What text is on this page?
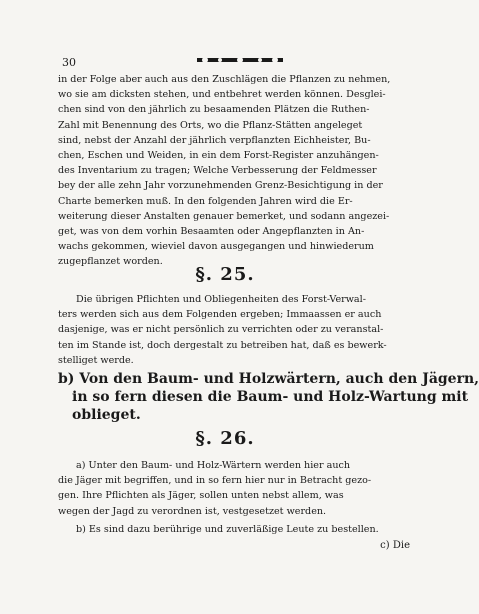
30
in der Folge aber auch aus den Zuschlägen die Pflanzen zu nehmen,
wo sie am dicksten stehen, und entbehret werden können. Desglei-
chen sind von den jährlich zu besaamenden Plätzen die Ruthen-
Zahl mit Benennung des Orts, wo die Pflanz-Stätten angeleget
sind, nebst der Anzahl der jährlich verpflanzten Eichheister, Bu-
chen, Eschen und Weiden, in ein dem Forst-Register anzuhängen-
des Inventarium zu tragen; Welche Verbesserung der Feldmesser
bey der alle zehn Jahr vorzunehmenden Grenz-Besichtigung in der
Charte bemerken muß. In den folgenden Jahren wird die Er-
weiterung dieser Anstalten genauer bemerket, und sodann angezei-
get, was von dem vorhin Besaamten oder Angepflanzten in An-
wachs gekommen, wieviel davon ausgegangen und hinwiederum
zugepflanzet worden.
§. 25.
Die übrigen Pflichten und Obliegenheiten des Forst-Verwal-
ters werden sich aus dem Folgenden ergeben; Immaassen er auch
dasjenige, was er nicht persönlich zu verrichten oder zu veranstal-
ten im Stande ist, doch dergestalt zu betreiben hat, daß es bewerk-
stelliget werde.
b) Von den Baum- und Holzwärtern, auch den Jägern,
in so fern diesen die Baum- und Holz-Wartung mit
oblieget.
§. 26.
a) Unter den Baum- und Holz-Wärtern werden hier auch
die Jäger mit begriffen, und in so fern hier nur in Betracht gezo-
gen. Ihre Pflichten als Jäger, sollen unten nebst allem, was
wegen der Jagd zu verordnen ist, vestgesetzet werden.
b) Es sind dazu berührige und zuverläßige Leute zu bestellen.
c) Die
